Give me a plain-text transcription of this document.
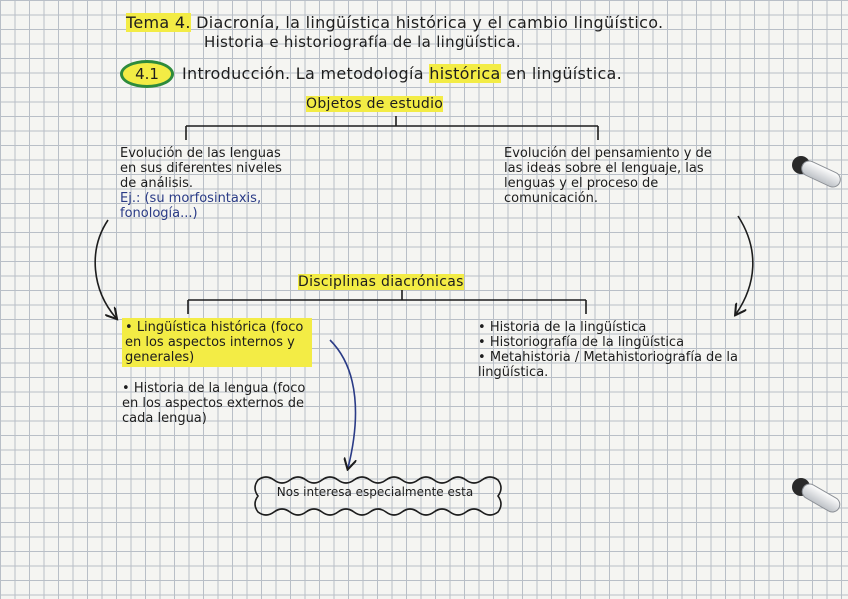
Tema 4. Diacronía, la lingüística histórica y el cambio lingüístico.
Historia e historiografía de la lingüística.
4.1 Introducción. La metodología histórica en lingüística.
Objetos de estudio
Evolución de las lenguas en sus diferentes niveles de análisis.
Ej.: (su morfosintaxis, fonología...)
Evolución del pensamiento y de las ideas sobre el lenguaje, las lenguas y el proceso de comunicación.
Disciplinas diacrónicas
• Lingüística histórica (foco en los aspectos internos y generales)
• Historia de la lengua (foco en los aspectos externos de cada lengua)
• Historia de la lingüística
• Historiografía de la lingüística
• Metahistoria / Metahistoriografía de la lingüística.
Nos interesa especialmente esta
